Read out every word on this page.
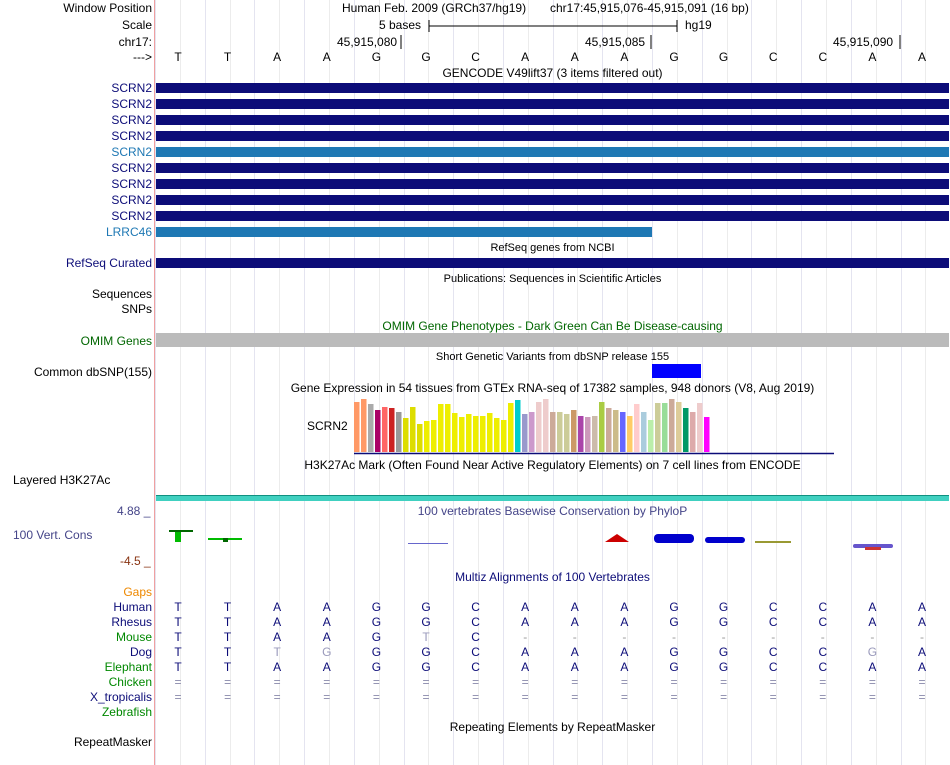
Window Position	Human Feb. 2009 (GRCh37/hg19) chr17:45,915,076-45,915,091 (16 bp)
Scale	5 bases	hg19
chr17:	45,915,080	45,915,085	45,915,090
--->	T	T	A	A	G	G	C	A	A	A	G	G	C	C	A	A
GENCODE V49lift37 (3 items filtered out)
SCRN2
SCRN2
SCRN2
SCRN2
SCRN2
SCRN2
SCRN2
SCRN2
SCRN2
LRRC46
RefSeq genes from NCBI
RefSeq Curated
Publications: Sequences in Scientific Articles
Sequences
SNPs
OMIM Gene Phenotypes - Dark Green Can Be Disease-causing
OMIM Genes
Short Genetic Variants from dbSNP release 155
Common dbSNP(155)
Gene Expression in 54 tissues from GTEx RNA-seq of 17382 samples, 948 donors (V8, Aug 2019)
SCRN2
H3K27Ac Mark (Often Found Near Active Regulatory Elements) on 7 cell lines from ENCODE
Layered H3K27Ac
4.88 _	100 vertebrates Basewise Conservation by PhyloP
100 Vert. Cons
-4.5 _
Multiz Alignments of 100 Vertebrates
Gaps
Human	T	T	A	A	G	G	C	A	A	A	G	G	C	C	A	A
Rhesus	T	T	A	A	G	G	C	A	A	A	G	G	C	C	A	A
Mouse	T	T	A	A	G	T	C	-	-	-	-	-	-	-	-	-
Dog	T	T	T	G	G	G	C	A	A	A	G	G	C	C	G	A
Elephant	T	T	A	A	G	G	C	A	A	A	G	G	C	C	A	A
Chicken	=	=	=	=	=	=	=	=	=	=	=	=	=	=	=	=
X_tropicalis	=	=	=	=	=	=	=	=	=	=	=	=	=	=	=	=
Zebrafish
Repeating Elements by RepeatMasker
RepeatMasker
